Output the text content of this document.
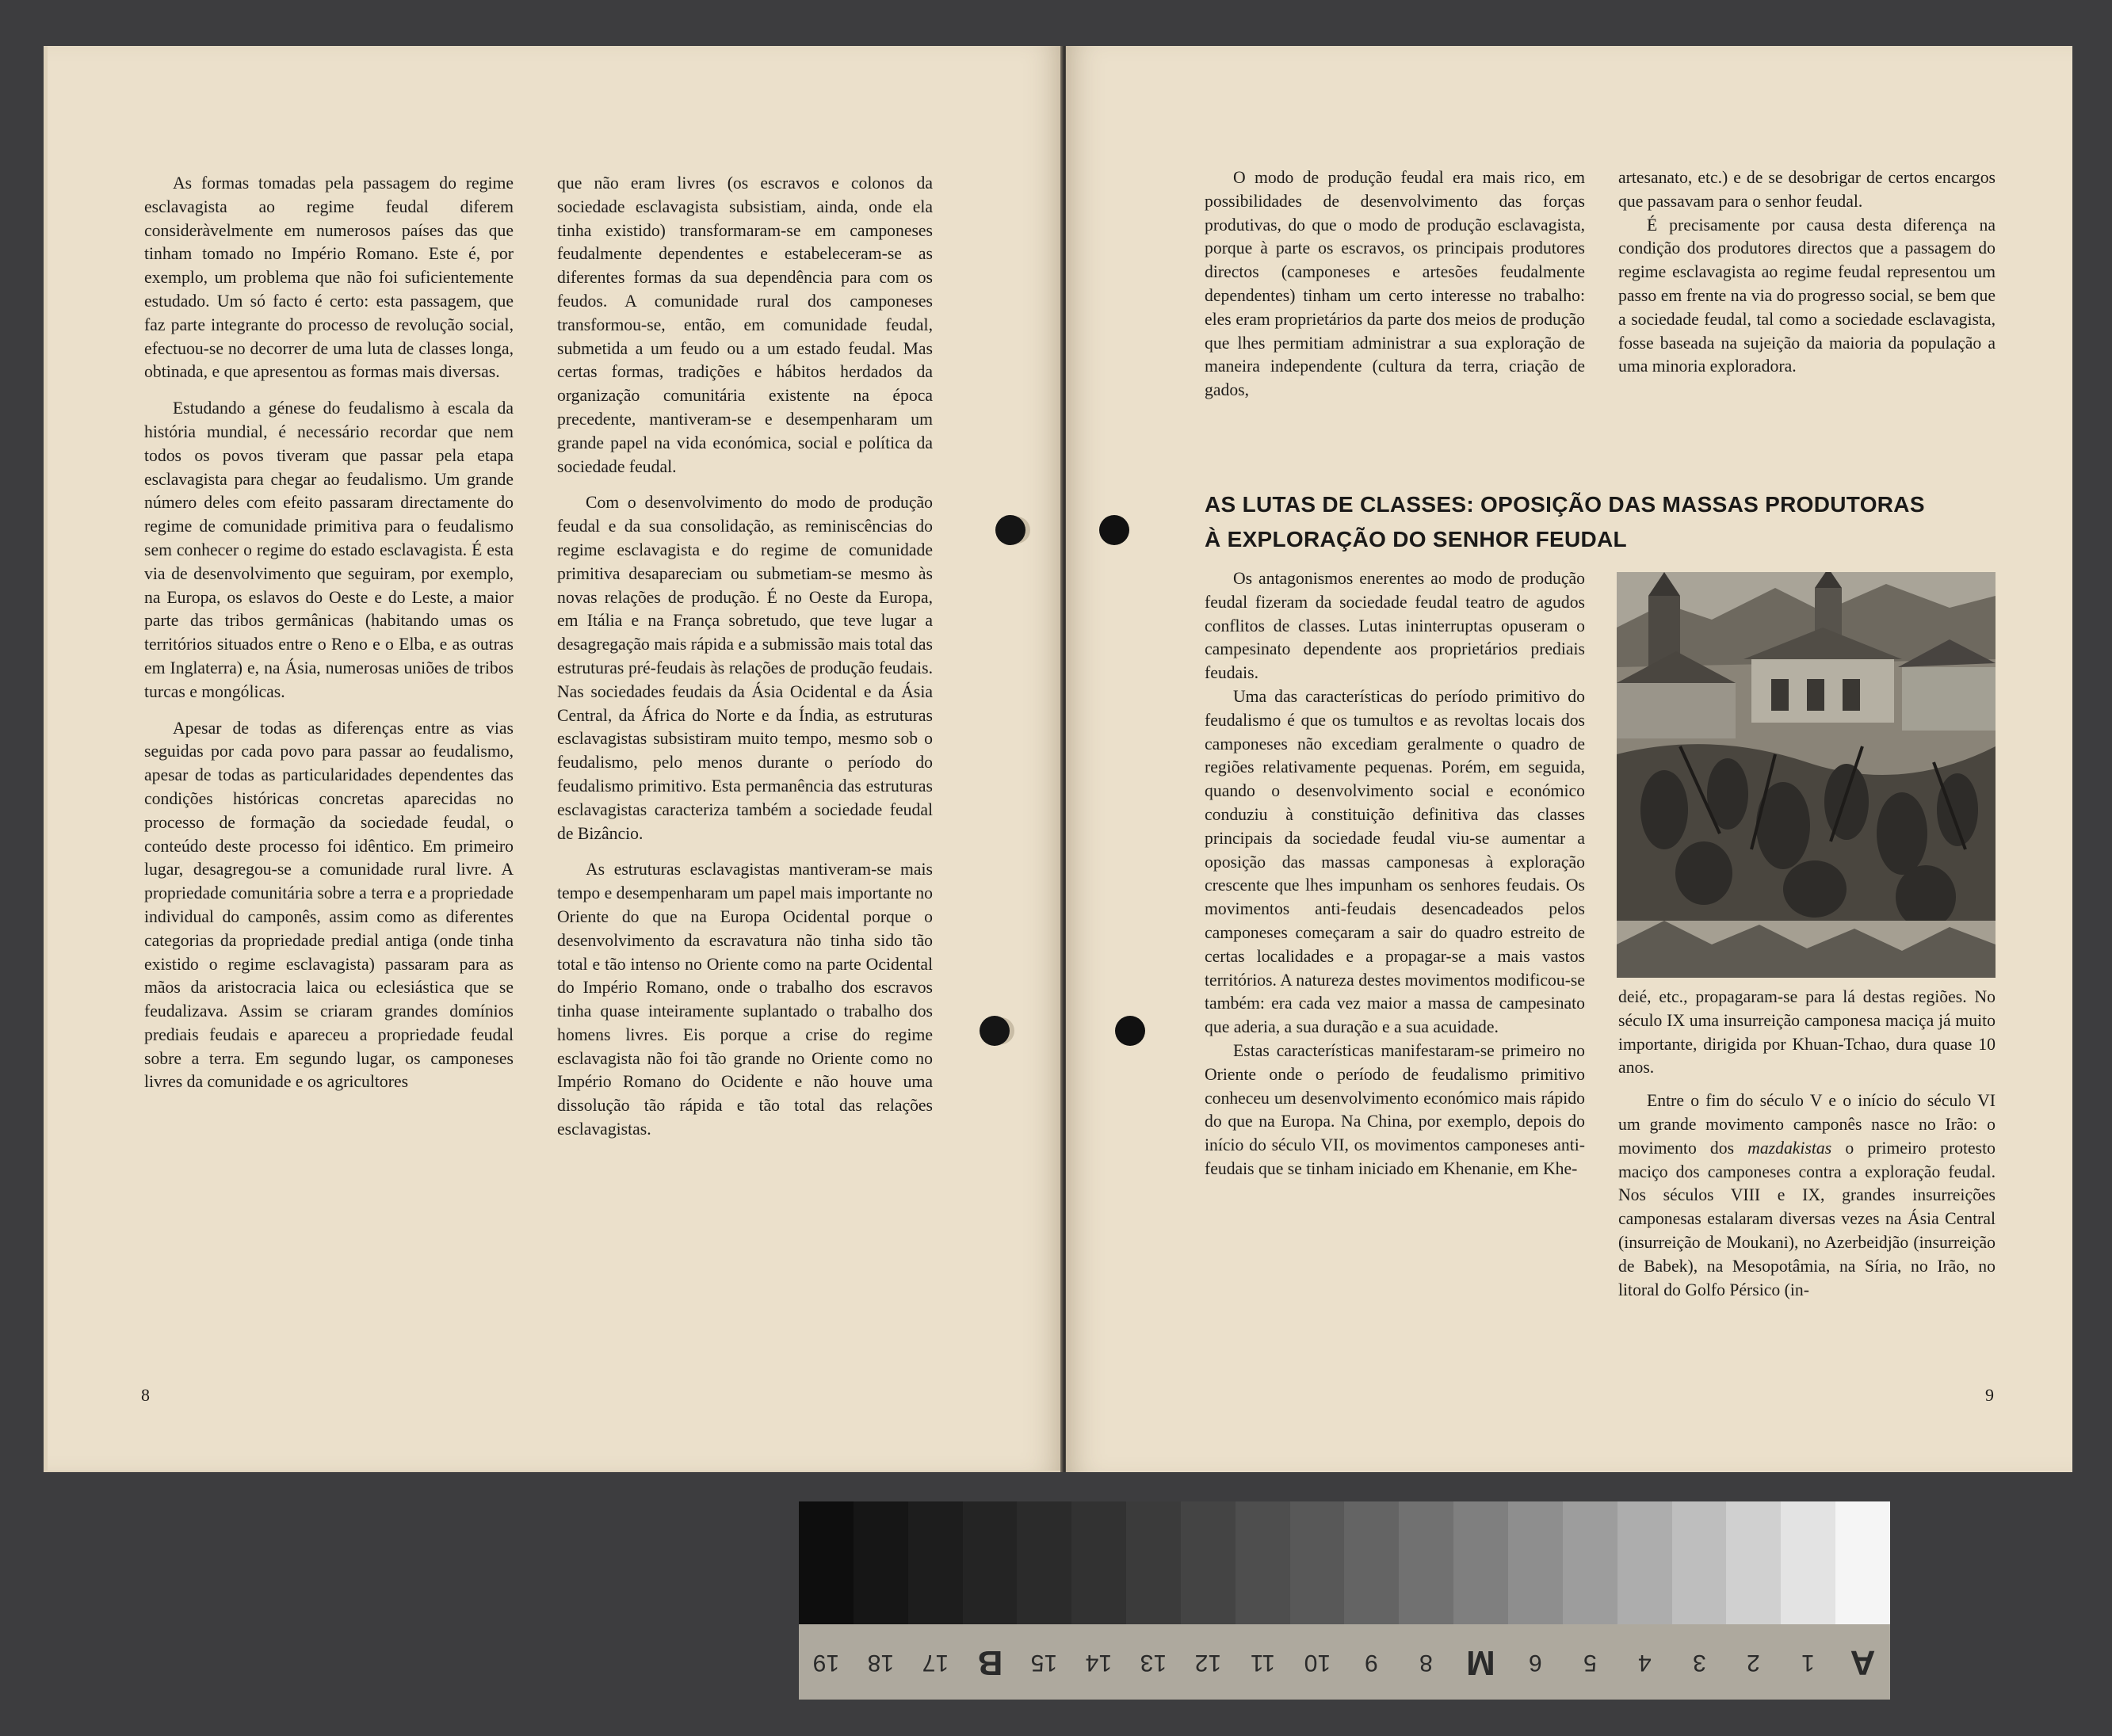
As formas tomadas pela passagem do regime esclavagista ao regime feudal diferem consideràvelmente em numerosos países das que tinham tomado no Império Romano. Este é, por exemplo, um problema que não foi suficientemente estudado. Um só facto é certo: esta passagem, que faz parte integrante do processo de revolução social, efectuou-se no decorrer de uma luta de classes longa, obtinada, e que apresentou as formas mais diversas.

Estudando a génese do feudalismo à escala da história mundial, é necessário recordar que nem todos os povos tiveram que passar pela etapa esclavagista para chegar ao feudalismo. Um grande número deles com efeito passaram directamente do regime de comunidade primitiva para o feudalismo sem conhecer o regime do estado esclavagista. É esta via de desenvolvimento que seguiram, por exemplo, na Europa, os eslavos do Oeste e do Leste, a maior parte das tribos germânicas (habitando umas os territórios situados entre o Reno e o Elba, e as outras em Inglaterra) e, na Ásia, numerosas uniões de tribos turcas e mongólicas.

Apesar de todas as diferenças entre as vias seguidas por cada povo para passar ao feudalismo, apesar de todas as particularidades dependentes das condições históricas concretas aparecidas no processo de formação da sociedade feudal, o conteúdo deste processo foi idêntico. Em primeiro lugar, desagregou-se a comunidade rural livre. A propriedade comunitária sobre a terra e a propriedade individual do camponês, assim como as diferentes categorias da propriedade predial antiga (onde tinha existido o regime esclavagista) passaram para as mãos da aristocracia laica ou eclesiástica que se feudalizava. Assim se criaram grandes domínios prediais feudais e apareceu a propriedade feudal sobre a terra. Em segundo lugar, os camponeses livres da comunidade e os agricultores

que não eram livres (os escravos e colonos da sociedade esclavagista subsistiam, ainda, onde ela tinha existido) transformaram-se em camponeses feudalmente dependentes e estabeleceram-se as diferentes formas da sua dependência para com os feudos. A comunidade rural dos camponeses transformou-se, então, em comunidade feudal, submetida a um feudo ou a um estado feudal. Mas certas formas, tradições e hábitos herdados da organização comunitária existente na época precedente, mantiveram-se e desempenharam um grande papel na vida económica, social e política da sociedade feudal.

Com o desenvolvimento do modo de produção feudal e da sua consolidação, as reminiscências do regime esclavagista e do regime de comunidade primitiva desapareciam ou submetiam-se mesmo às novas relações de produção. É no Oeste da Europa, em Itália e na França sobretudo, que teve lugar a desagregação mais rápida e a submissão mais total das estruturas pré-feudais às relações de produção feudais. Nas sociedades feudais da Ásia Ocidental e da Ásia Central, da África do Norte e da Índia, as estruturas esclavagistas subsistiram muito tempo, mesmo sob o feudalismo, pelo menos durante o período do feudalismo primitivo. Esta permanência das estruturas esclavagistas caracteriza também a sociedade feudal de Bizâncio.

As estruturas esclavagistas mantiveram-se mais tempo e desempenharam um papel mais importante no Oriente do que na Europa Ocidental porque o desenvolvimento da escravatura não tinha sido tão total e tão intenso no Oriente como na parte Ocidental do Império Romano, onde o trabalho dos escravos tinha quase inteiramente suplantado o trabalho dos homens livres. Eis porque a crise do regime esclavagista não foi tão grande no Oriente como no Império Romano do Ocidente e não houve uma dissolução tão rápida e tão total das relações esclavagistas.

8

O modo de produção feudal era mais rico, em possibilidades de desenvolvimento das forças produtivas, do que o modo de produção esclavagista, porque à parte os escravos, os principais produtores directos (camponeses e artesões feudalmente dependentes) tinham um certo interesse no trabalho: eles eram proprietários da parte dos meios de produção que lhes permitiam administrar a sua exploração de maneira independente (cultura da terra, criação de gados,

artesanato, etc.) e de se desobrigar de certos encargos que passavam para o senhor feudal.

É precisamente por causa desta diferença na condição dos produtores directos que a passagem do regime esclavagista ao regime feudal representou um passo em frente na via do progresso social, se bem que a sociedade feudal, tal como a sociedade esclavagista, fosse baseada na sujeição da maioria da população a uma minoria exploradora.

AS LUTAS DE CLASSES: OPOSIÇÃO DAS MASSAS PRODUTORAS
À EXPLORAÇÃO DO SENHOR FEUDAL

Os antagonismos enerentes ao modo de produção feudal fizeram da sociedade feudal teatro de agudos conflitos de classes. Lutas ininterruptas opuseram o campesinato dependente aos proprietários prediais feudais.

Uma das características do período primitivo do feudalismo é que os tumultos e as revoltas locais dos camponeses não excediam geralmente o quadro de regiões relativamente pequenas. Porém, em seguida, quando o desenvolvimento social e económico conduziu à constituição definitiva das classes principais da sociedade feudal viu-se aumentar a oposição das massas camponesas à exploração crescente que lhes impunham os senhores feudais. Os movimentos anti-feudais desencadeados pelos camponeses começaram a sair do quadro estreito de certas localidades e a propagar-se a mais vastos territórios. A natureza destes movimentos modificou-se também: era cada vez maior a massa de campesinato que aderia, a sua duração e a sua acuidade.

Estas características manifestaram-se primeiro no Oriente onde o período de feudalismo primitivo conheceu um desenvolvimento económico mais rápido do que na Europa. Na China, por exemplo, depois do início do século VII, os movimentos camponeses anti-feudais que se tinham iniciado em Khenanie, em Khe-

deié, etc., propagaram-se para lá destas regiões. No século IX uma insurreição camponesa maciça já muito importante, dirigida por Khuan-Tchao, dura quase 10 anos.

Entre o fim do século V e o início do século VI um grande movimento camponês nasce no Irão: o movimento dos mazdakistas o primeiro protesto maciço dos camponeses contra a exploração feudal. Nos séculos VIII e IX, grandes insurreições camponesas estalaram diversas vezes na Ásia Central (insurreição de Moukani), no Azerbeidjão (insurreição de Babek), na Mesopotâmia, na Síria, no Irão, no litoral do Golfo Pérsico (in-

9
19	18	17 B	15	14	13	12	11	10	9	8 M	6	5	4	3	2	1	A
